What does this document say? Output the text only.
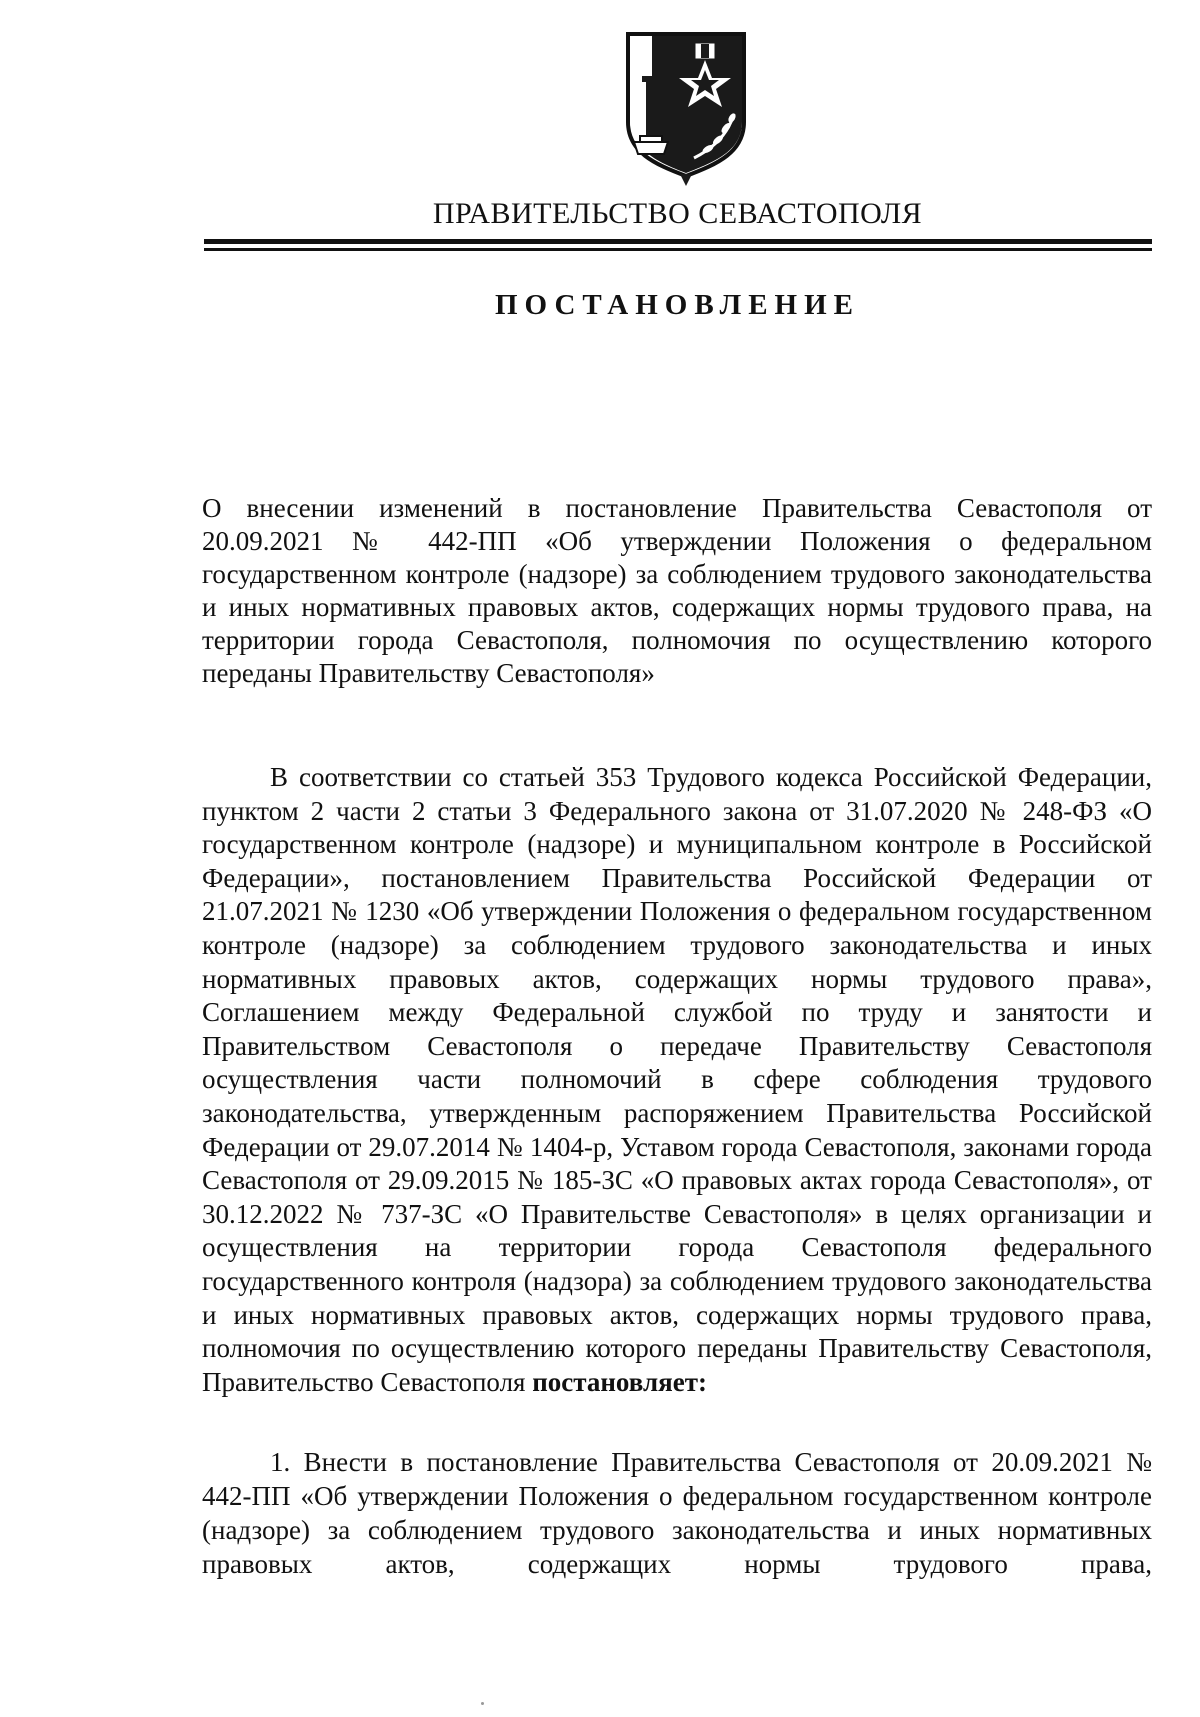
ПРАВИТЕЛЬСТВО СЕВАСТОПОЛЯ
ПОСТАНОВЛЕНИЕ
О внесении изменений в постановление Правительства Севастополя от 20.09.2021 № 442-ПП «Об утверждении Положения о федеральном государственном контроле (надзоре) за соблюдением трудового законодательства и иных нормативных правовых актов, содержащих нормы трудового права, на территории города Севастополя, полномочия по осуществлению которого переданы Правительству Севастополя»
В соответствии со статьей 353 Трудового кодекса Российской Федерации, пунктом 2 части 2 статьи 3 Федерального закона от 31.07.2020 № 248-ФЗ «О государственном контроле (надзоре) и муниципальном контроле в Российской Федерации», постановлением Правительства Российской Федерации от 21.07.2021 № 1230 «Об утверждении Положения о федеральном государственном контроле (надзоре) за соблюдением трудового законодательства и иных нормативных правовых актов, содержащих нормы трудового права», Соглашением между Федеральной службой по труду и занятости и Правительством Севастополя о передаче Правительству Севастополя осуществления части полномочий в сфере соблюдения трудового законодательства, утвержденным распоряжением Правительства Российской Федерации от 29.07.2014 № 1404-р, Уставом города Севастополя, законами города Севастополя от 29.09.2015 № 185-ЗС «О правовых актах города Севастополя», от 30.12.2022 № 737-ЗС «О Правительстве Севастополя» в целях организации и осуществления на территории города Севастополя федерального государственного контроля (надзора) за соблюдением трудового законодательства и иных нормативных правовых актов, содержащих нормы трудового права, полномочия по осуществлению которого переданы Правительству Севастополя, Правительство Севастополя постановляет:
1. Внести в постановление Правительства Севастополя от 20.09.2021 № 442-ПП «Об утверждении Положения о федеральном государственном контроле (надзоре) за соблюдением трудового законодательства и иных нормативных правовых актов, содержащих нормы трудового права,
